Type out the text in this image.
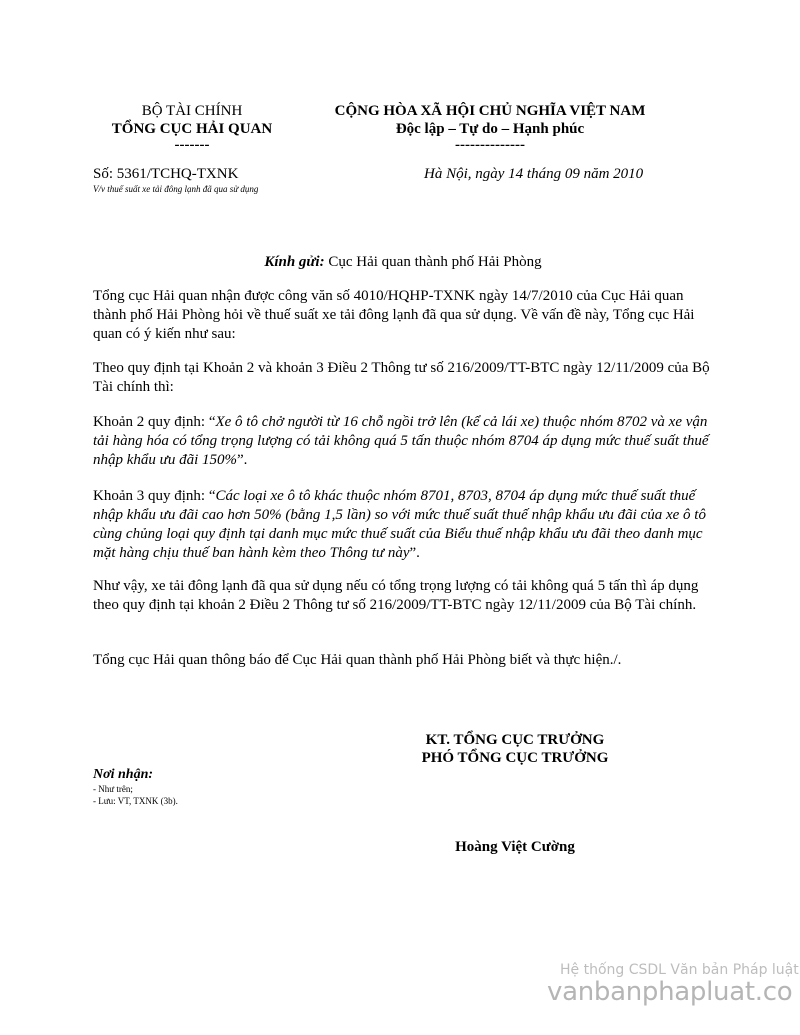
BỘ TÀI CHÍNH
TỔNG CỤC HẢI QUAN
-------
CỘNG HÒA XÃ HỘI CHỦ NGHĨA VIỆT NAM
Độc lập – Tự do – Hạnh phúc
--------------
Số: 5361/TCHQ-TXNK
V/v thuế suất xe tải đông lạnh đã qua sử dụng
Hà Nội, ngày 14 tháng 09 năm 2010
Kính gửi: Cục Hải quan thành phố Hải Phòng
Tổng cục Hải quan nhận được công văn số 4010/HQHP-TXNK ngày 14/7/2010 của Cục Hải quan thành phố Hải Phòng hỏi về thuế suất xe tải đông lạnh đã qua sử dụng. Về vấn đề này, Tổng cục Hải quan có ý kiến như sau:
Theo quy định tại Khoản 2 và khoản 3 Điều 2 Thông tư số 216/2009/TT-BTC ngày 12/11/2009 của Bộ Tài chính thì:
Khoản 2 quy định: “Xe ô tô chở người từ 16 chỗ ngồi trở lên (kể cả lái xe) thuộc nhóm 8702 và xe vận tải hàng hóa có tổng trọng lượng có tải không quá 5 tấn thuộc nhóm 8704 áp dụng mức thuế suất thuế nhập khẩu ưu đãi 150%”.
Khoản 3 quy định: “Các loại xe ô tô khác thuộc nhóm 8701, 8703, 8704 áp dụng mức thuế suất thuế nhập khẩu ưu đãi cao hơn 50% (bằng 1,5 lần) so với mức thuế suất thuế nhập khẩu ưu đãi của xe ô tô cùng chủng loại quy định tại danh mục mức thuế suất của Biểu thuế nhập khẩu ưu đãi theo danh mục mặt hàng chịu thuế ban hành kèm theo Thông tư này”.
Như vậy, xe tải đông lạnh đã qua sử dụng nếu có tổng trọng lượng có tải không quá 5 tấn thì áp dụng theo quy định tại khoản 2 Điều 2 Thông tư số 216/2009/TT-BTC ngày 12/11/2009 của Bộ Tài chính.
Tổng cục Hải quan thông báo để Cục Hải quan thành phố Hải Phòng biết và thực hiện./.
KT. TỔNG CỤC TRƯỞNG
PHÓ TỔNG CỤC TRƯỞNG
Hoàng Việt Cường
Nơi nhận:
- Như trên;
- Lưu: VT, TXNK (3b).
Hệ thống CSDL Văn bản Pháp luật
vanbanphapluat.co
